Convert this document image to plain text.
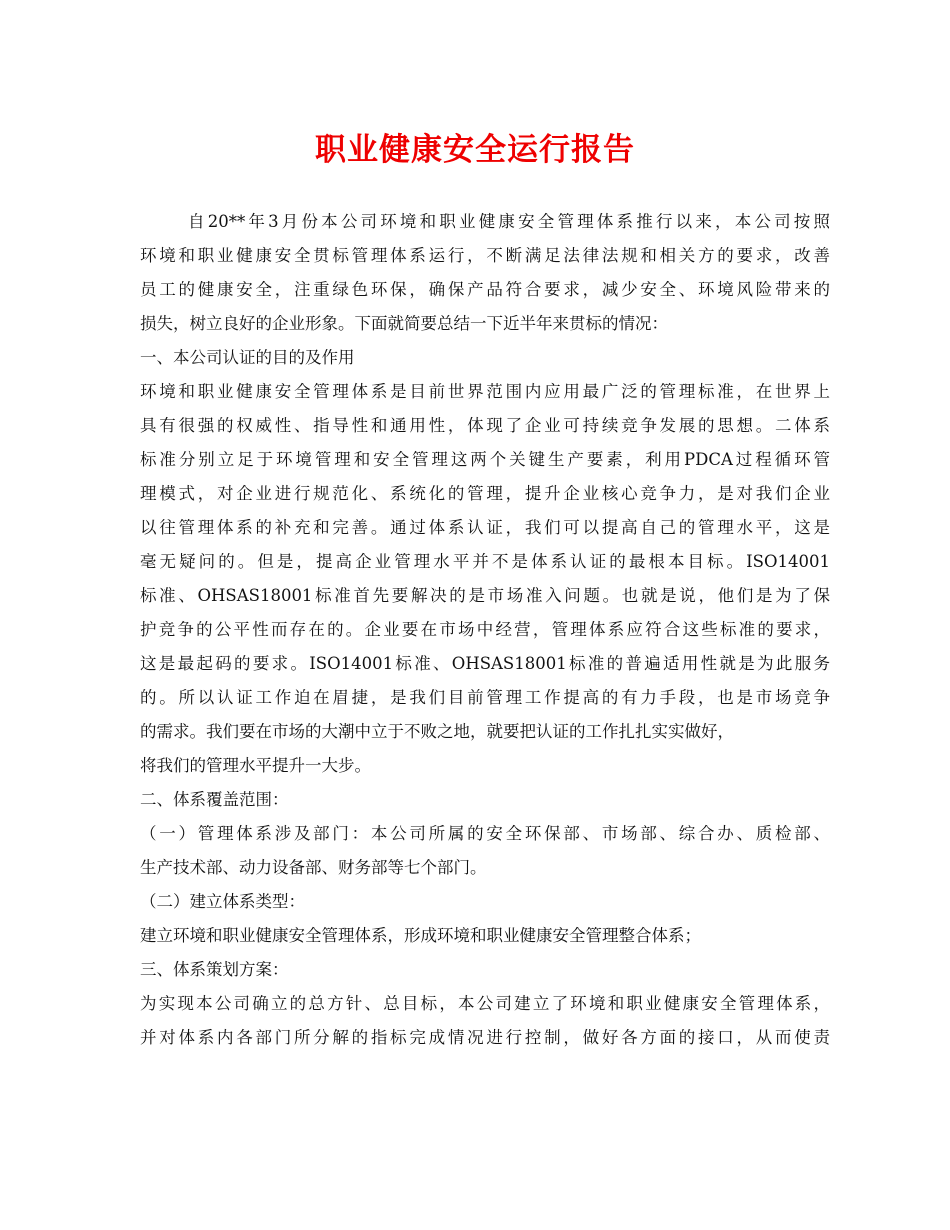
职业健康安全运行报告
自20**年3月份本公司环境和职业健康安全管理体系推行以来，本公司按照
环境和职业健康安全贯标管理体系运行，不断满足法律法规和相关方的要求，改善
员工的健康安全，注重绿色环保，确保产品符合要求，减少安全、环境风险带来的
损失，树立良好的企业形象。下面就简要总结一下近半年来贯标的情况：
一、本公司认证的目的及作用
环境和职业健康安全管理体系是目前世界范围内应用最广泛的管理标准，在世界上
具有很强的权威性、指导性和通用性，体现了企业可持续竞争发展的思想。二体系
标准分别立足于环境管理和安全管理这两个关键生产要素，利用PDCA过程循环管
理模式，对企业进行规范化、系统化的管理，提升企业核心竞争力，是对我们企业
以往管理体系的补充和完善。通过体系认证，我们可以提高自己的管理水平，这是
毫无疑问的。但是，提高企业管理水平并不是体系认证的最根本目标。ISO14001
标准、OHSAS18001标准首先要解决的是市场准入问题。也就是说，他们是为了保
护竞争的公平性而存在的。企业要在市场中经营，管理体系应符合这些标准的要求，
这是最起码的要求。ISO14001标准、OHSAS18001标准的普遍适用性就是为此服务
的。所以认证工作迫在眉捷，是我们目前管理工作提高的有力手段，也是市场竞争
的需求。我们要在市场的大潮中立于不败之地，就要把认证的工作扎扎实实做好，
将我们的管理水平提升一大步。
二、体系覆盖范围：
（一）管理体系涉及部门：本公司所属的安全环保部、市场部、综合办、质检部、
生产技术部、动力设备部、财务部等七个部门。
（二）建立体系类型：
建立环境和职业健康安全管理体系，形成环境和职业健康安全管理整合体系；
三、体系策划方案：
为实现本公司确立的总方针、总目标，本公司建立了环境和职业健康安全管理体系，
并对体系内各部门所分解的指标完成情况进行控制，做好各方面的接口，从而使责
